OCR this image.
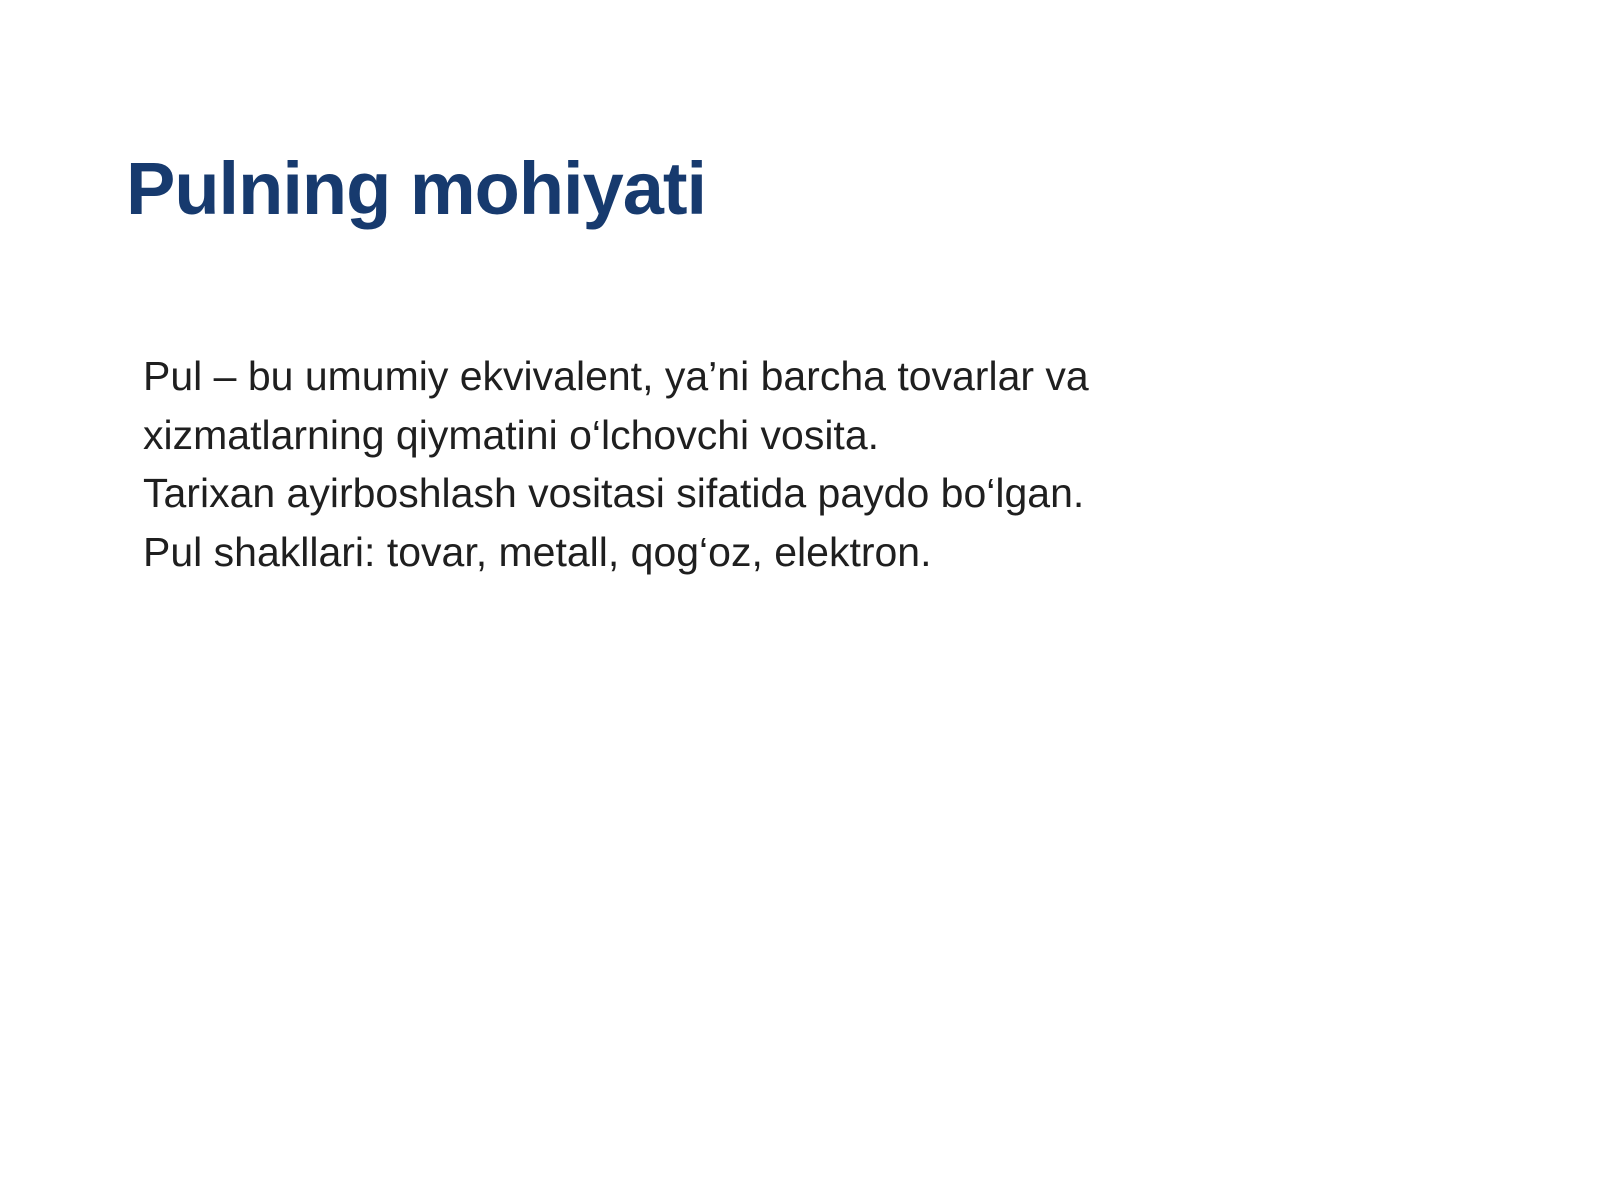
Pulning mohiyati
Pul – bu umumiy ekvivalent, ya’ni barcha tovarlar va
xizmatlarning qiymatini o‘lchovchi vosita.
Tarixan ayirboshlash vositasi sifatida paydo bo‘lgan.
Pul shakllari: tovar, metall, qog‘oz, elektron.
